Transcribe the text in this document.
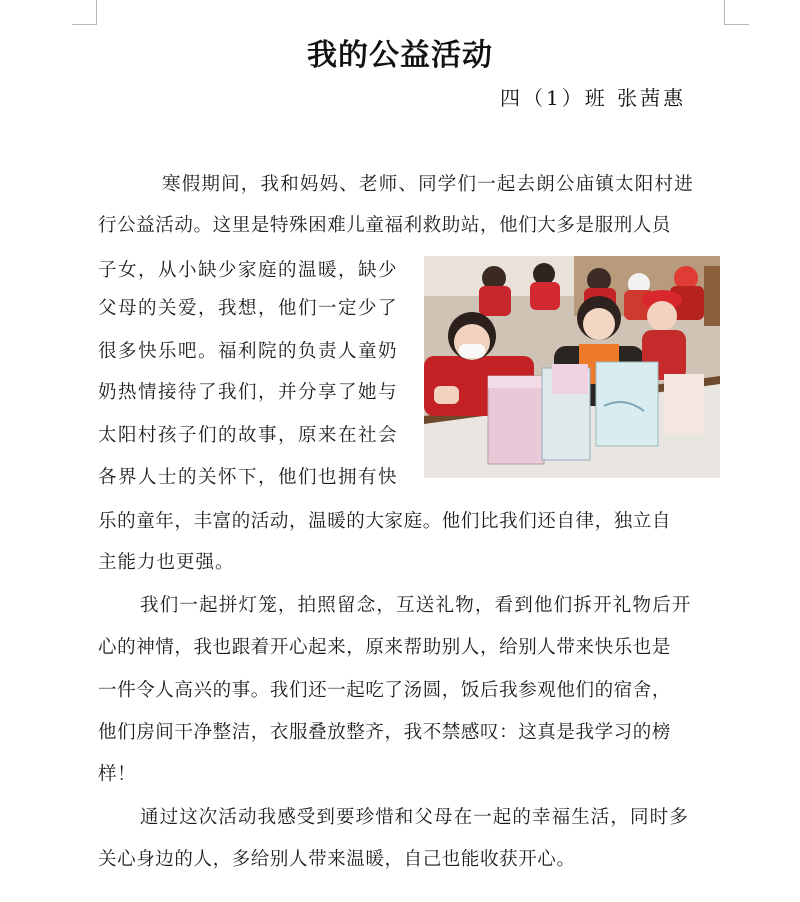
我的公益活动
四（1）班 张茜惠
寒假期间，我和妈妈、老师、同学们一起去朗公庙镇太阳村进
行公益活动。这里是特殊困难儿童福利救助站，他们大多是服刑人员
子女，从小缺少家庭的温暖，缺少
父母的关爱，我想，他们一定少了
很多快乐吧。福利院的负责人童奶
奶热情接待了我们，并分享了她与
太阳村孩子们的故事，原来在社会
各界人士的关怀下，他们也拥有快
乐的童年，丰富的活动，温暖的大家庭。他们比我们还自律，独立自
主能力也更强。
我们一起拼灯笼，拍照留念，互送礼物，看到他们拆开礼物后开
心的神情，我也跟着开心起来，原来帮助别人，给别人带来快乐也是
一件令人高兴的事。我们还一起吃了汤圆，饭后我参观他们的宿舍，
他们房间干净整洁，衣服叠放整齐，我不禁感叹：这真是我学习的榜
样！
通过这次活动我感受到要珍惜和父母在一起的幸福生活，同时多
关心身边的人，多给别人带来温暖，自己也能收获开心。
